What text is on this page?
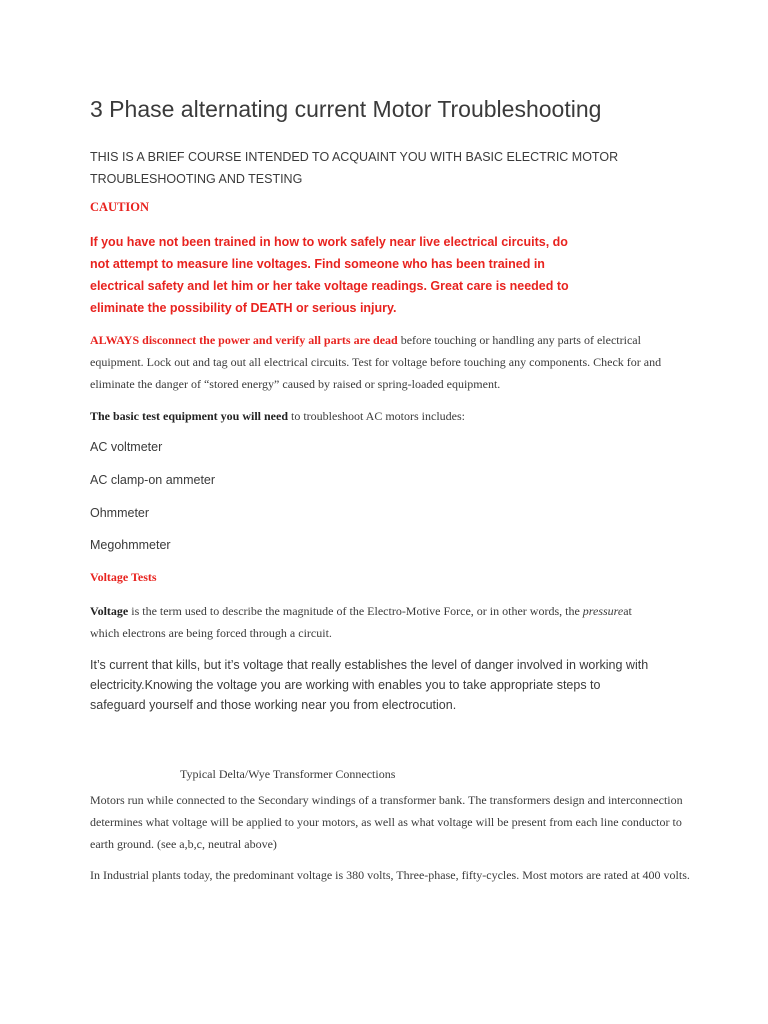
3 Phase alternating current Motor Troubleshooting

THIS IS A BRIEF COURSE INTENDED TO ACQUAINT YOU WITH BASIC ELECTRIC MOTOR TROUBLESHOOTING AND TESTING

CAUTION

If you have not been trained in how to work safely near live electrical circuits, do not attempt to measure line voltages. Find someone who has been trained in electrical safety and let him or her take voltage readings. Great care is needed to eliminate the possibility of DEATH or serious injury.

ALWAYS disconnect the power and verify all parts are dead before touching or handling any parts of electrical equipment. Lock out and tag out all electrical circuits. Test for voltage before touching any components. Check for and eliminate the danger of “stored energy” caused by raised or spring-loaded equipment.

The basic test equipment you will need to troubleshoot AC motors includes:

AC voltmeter

AC clamp-on ammeter

Ohmmeter

Megohmmeter

Voltage Tests

Voltage is the term used to describe the magnitude of the Electro-Motive Force, or in other words, the pressureat which electrons are being forced through a circuit.

It’s current that kills, but it’s voltage that really establishes the level of danger involved in working with electricity.Knowing the voltage you are working with enables you to take appropriate steps to safeguard yourself and those working near you from electrocution.

Typical Delta/Wye Transformer Connections

Motors run while connected to the Secondary windings of a transformer bank. The transformers design and interconnection determines what voltage will be applied to your motors, as well as what voltage will be present from each line conductor to earth ground. (see a,b,c, neutral above)

In Industrial plants today, the predominant voltage is 380 volts, Three-phase, fifty-cycles. Most motors are rated at 400 volts.
